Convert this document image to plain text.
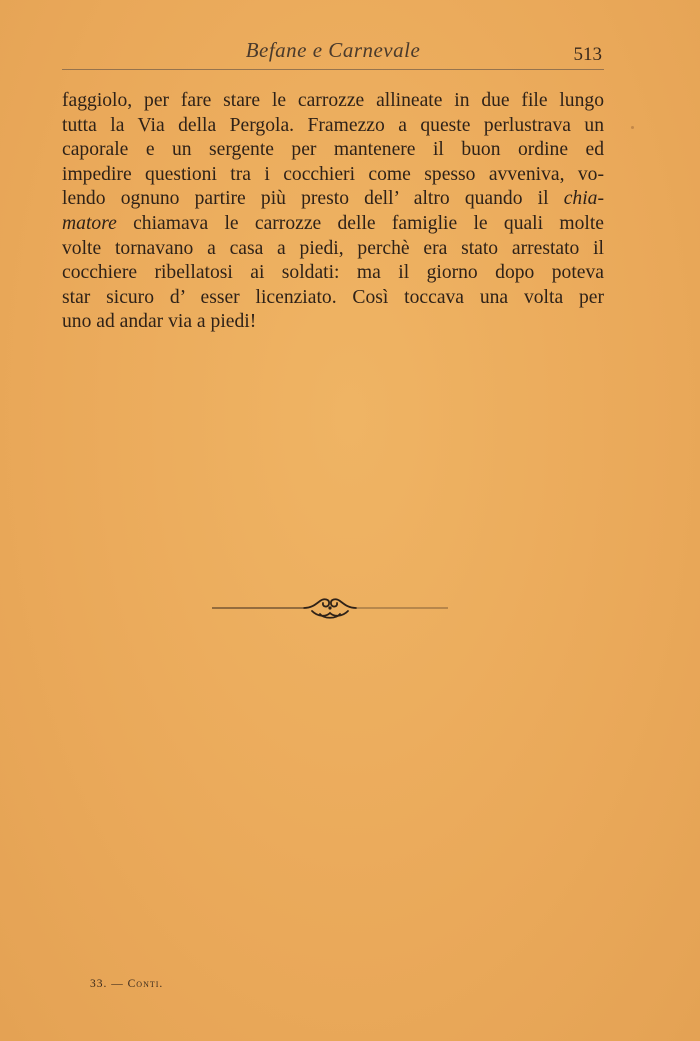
Befane e Carnevale	513
faggiolo, per fare stare le carrozze allineate in due file lungo
tutta la Via della Pergola. Framezzo a queste perlustrava un
caporale e un sergente per mantenere il buon ordine ed
impedire questioni tra i cocchieri come spesso avveniva, vo-
lendo ognuno partire più presto dell’ altro quando il chia-
matore chiamava le carrozze delle famiglie le quali molte
volte tornavano a casa a piedi, perchè era stato arrestato il
cocchiere ribellatosi ai soldati: ma il giorno dopo poteva
star sicuro d’ esser licenziato. Così toccava una volta per
uno ad andar via a piedi!
33. — Conti.
